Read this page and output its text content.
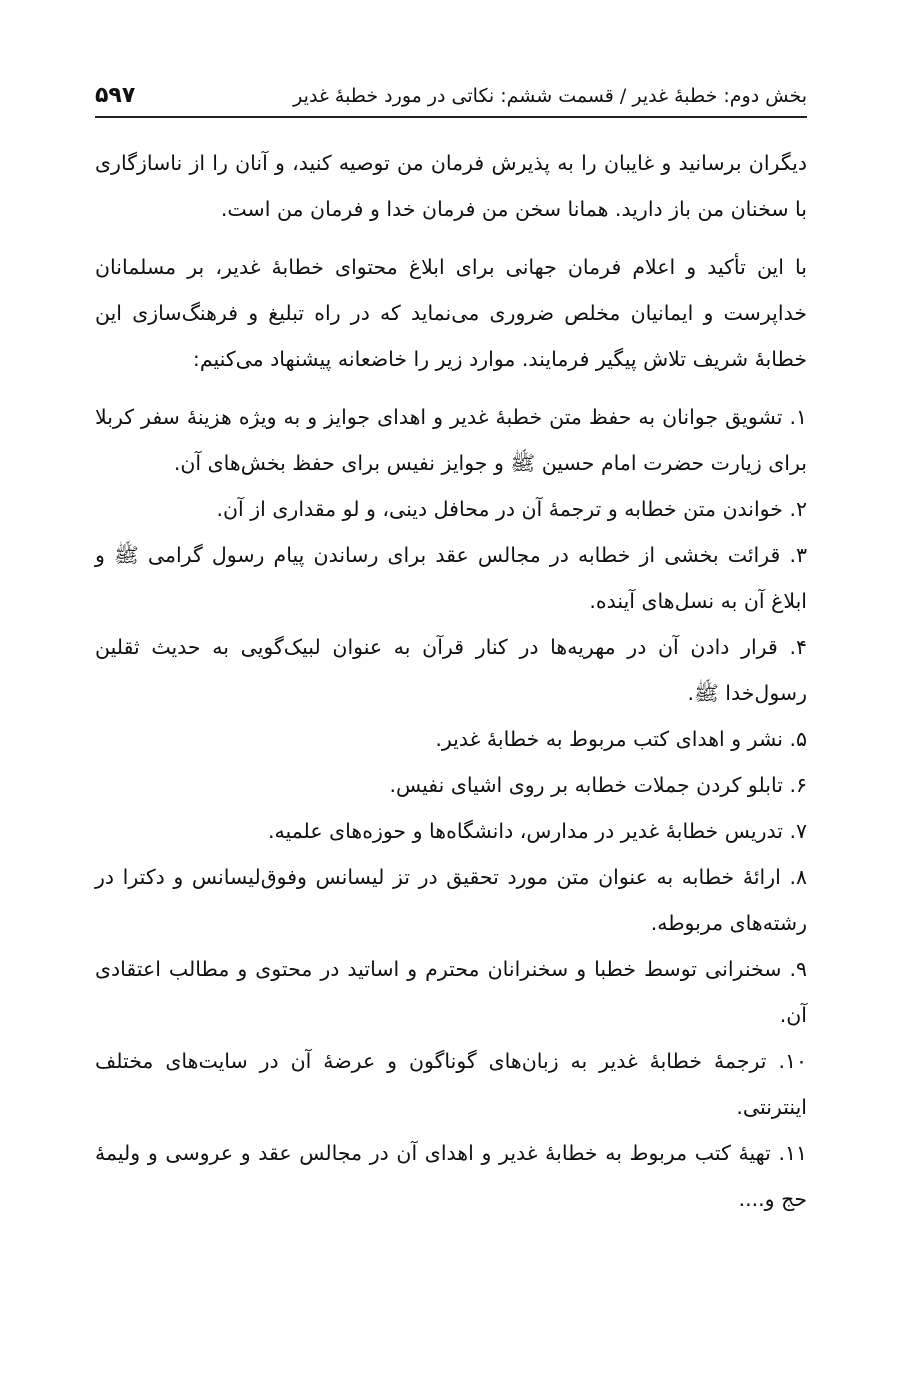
بخش دوم: خطبهٔ غدیر / قسمت ششم: نکاتی در مورد خطبهٔ غدیر
۵۹۷

دیگران برسانید و غایبان را به پذیرش فرمان من توصیه کنید، و آنان را از ناسازگاری با سخنان من باز دارید. همانا سخن من فرمان خدا و فرمان من است.

با این تأکید و اعلام فرمان جهانی برای ابلاغ محتوای خطابهٔ غدیر، بر مسلمانان خداپرست و ایمانیان مخلص ضروری می‌نماید که در راه تبلیغ و فرهنگ‌سازی این خطابهٔ شریف تلاش پیگیر فرمایند. موارد زیر را خاضعانه پیشنهاد می‌کنیم:

۱. تشویق جوانان به حفظ متن خطبهٔ غدیر و اهدای جوایز و به ویژه هزینهٔ سفر کربلا برای زیارت حضرت امام حسین ﷺ و جوایز نفیس برای حفظ بخش‌های آن.

۲. خواندن متن خطابه و ترجمهٔ آن در محافل دینی، و لو مقداری از آن.

۳. قرائت بخشی از خطابه در مجالس عقد برای رساندن پیام رسول گرامی ﷺ و ابلاغ آن به نسل‌های آینده.

۴. قرار دادن آن در مهریه‌ها در کنار قرآن به عنوان لبیک‌گویی به حدیث ثقلین رسول‌خدا ﷺ.

۵. نشر و اهدای کتب مربوط به خطابهٔ غدیر.

۶. تابلو کردن جملات خطابه بر روی اشیای نفیس.

۷. تدریس خطابهٔ غدیر در مدارس، دانشگاه‌ها و حوزه‌های علمیه.

۸. ارائهٔ خطابه به عنوان متن مورد تحقیق در تز لیسانس وفوق‌لیسانس و دکترا در رشته‌های مربوطه.

۹. سخنرانی توسط خطبا و سخنرانان محترم و اساتید در محتوی و مطالب اعتقادی آن.

۱۰. ترجمهٔ خطابهٔ غدیر به زبان‌های گوناگون و عرضهٔ آن در سایت‌های مختلف اینترنتی.

۱۱. تهیهٔ کتب مربوط به خطابهٔ غدیر و اهدای آن در مجالس عقد و عروسی و ولیمهٔ حج و....
